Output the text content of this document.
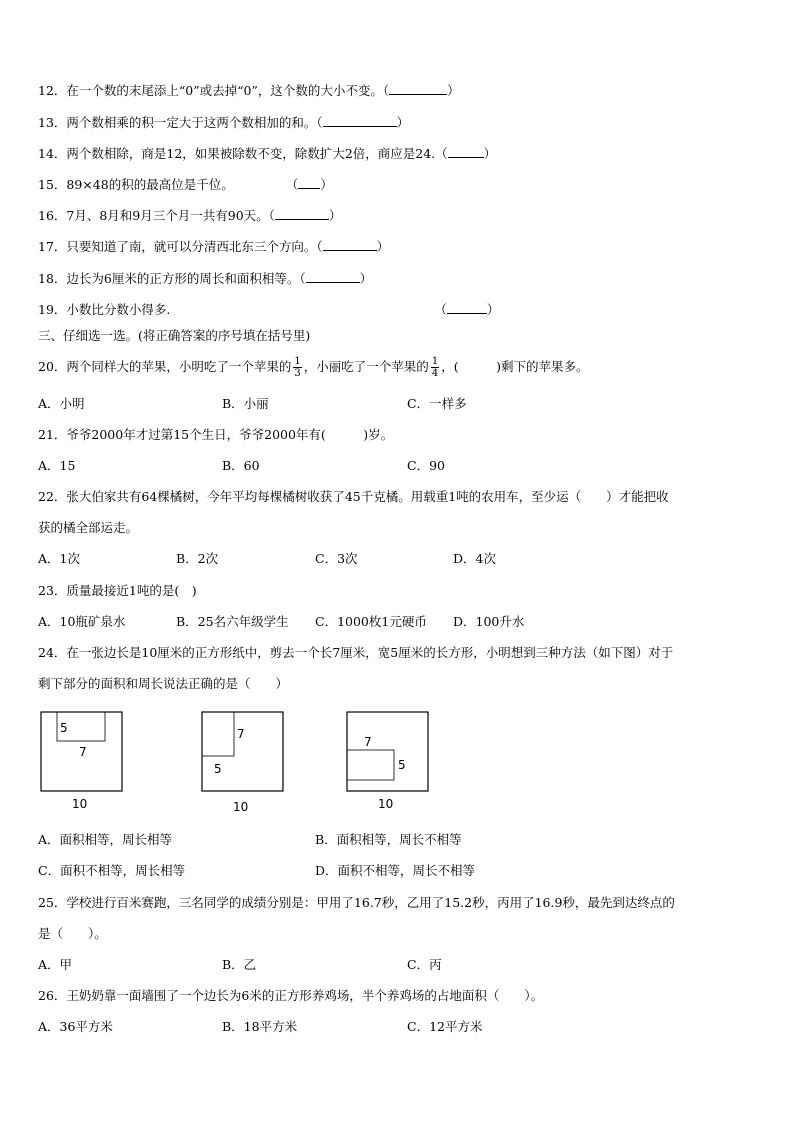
12．在一个数的末尾添上“0”或去掉“0”，这个数的大小不变。（	）
13．两个数相乘的积一定大于这两个数相加的和。（	）
14．两个数相除，商是12，如果被除数不变，除数扩大2倍，商应是24.（	）
15．89×48的积的最高位是千位。	（ ）
16．7月、8月和9月三个月一共有90天。（	）
17．只要知道了南，就可以分清西北东三个方向。（	）
18．边长为6厘米的正方形的周长和面积相等。（	）
19．小数比分数小得多.	（	）
三、仔细选一选。(将正确答案的序号填在括号里)
20．两个同样大的苹果，小明吃了一个苹果的 $\frac{1}{3}$ ，小丽吃了一个苹果的 $\frac{1}{4}$ ，(　　　)剩下的苹果多。
A．小明	B．小丽	C．一样多
21．爷爷2000年才过第15个生日，爷爷2000年有(　　　)岁。
A．15	B．60	C．90
22．张大伯家共有64棵橘树，今年平均每棵橘树收获了45千克橘。用载重1吨的农用车，至少运（　　）才能把收
获的橘全部运走。
A．1次	B．2次	C．3次	D．4次
23．质量最接近1吨的是(　)
A．10瓶矿泉水	B．25名六年级学生 C．1000枚1元硬币 D．100升水
24．在一张边长是10厘米的正方形纸中，剪去一个长7厘米，宽5厘米的长方形，小明想到三种方法（如下图）对于
剩下部分的面积和周长说法正确的是（　　）
5
7
10
7
5
10
7
5
10
A．面积相等，周长相等	B．面积相等，周长不相等
C．面积不相等，周长相等	D．面积不相等，周长不相等
25．学校进行百米赛跑，三名同学的成绩分别是：甲用了16.7秒，乙用了15.2秒，丙用了16.9秒，最先到达终点的
是（　　）。
A．甲	B．乙	C．丙
26．王奶奶靠一面墙围了一个边长为6米的正方形养鸡场，半个养鸡场的占地面积（　　）。
A．36平方米	B．18平方米	C．12平方米
